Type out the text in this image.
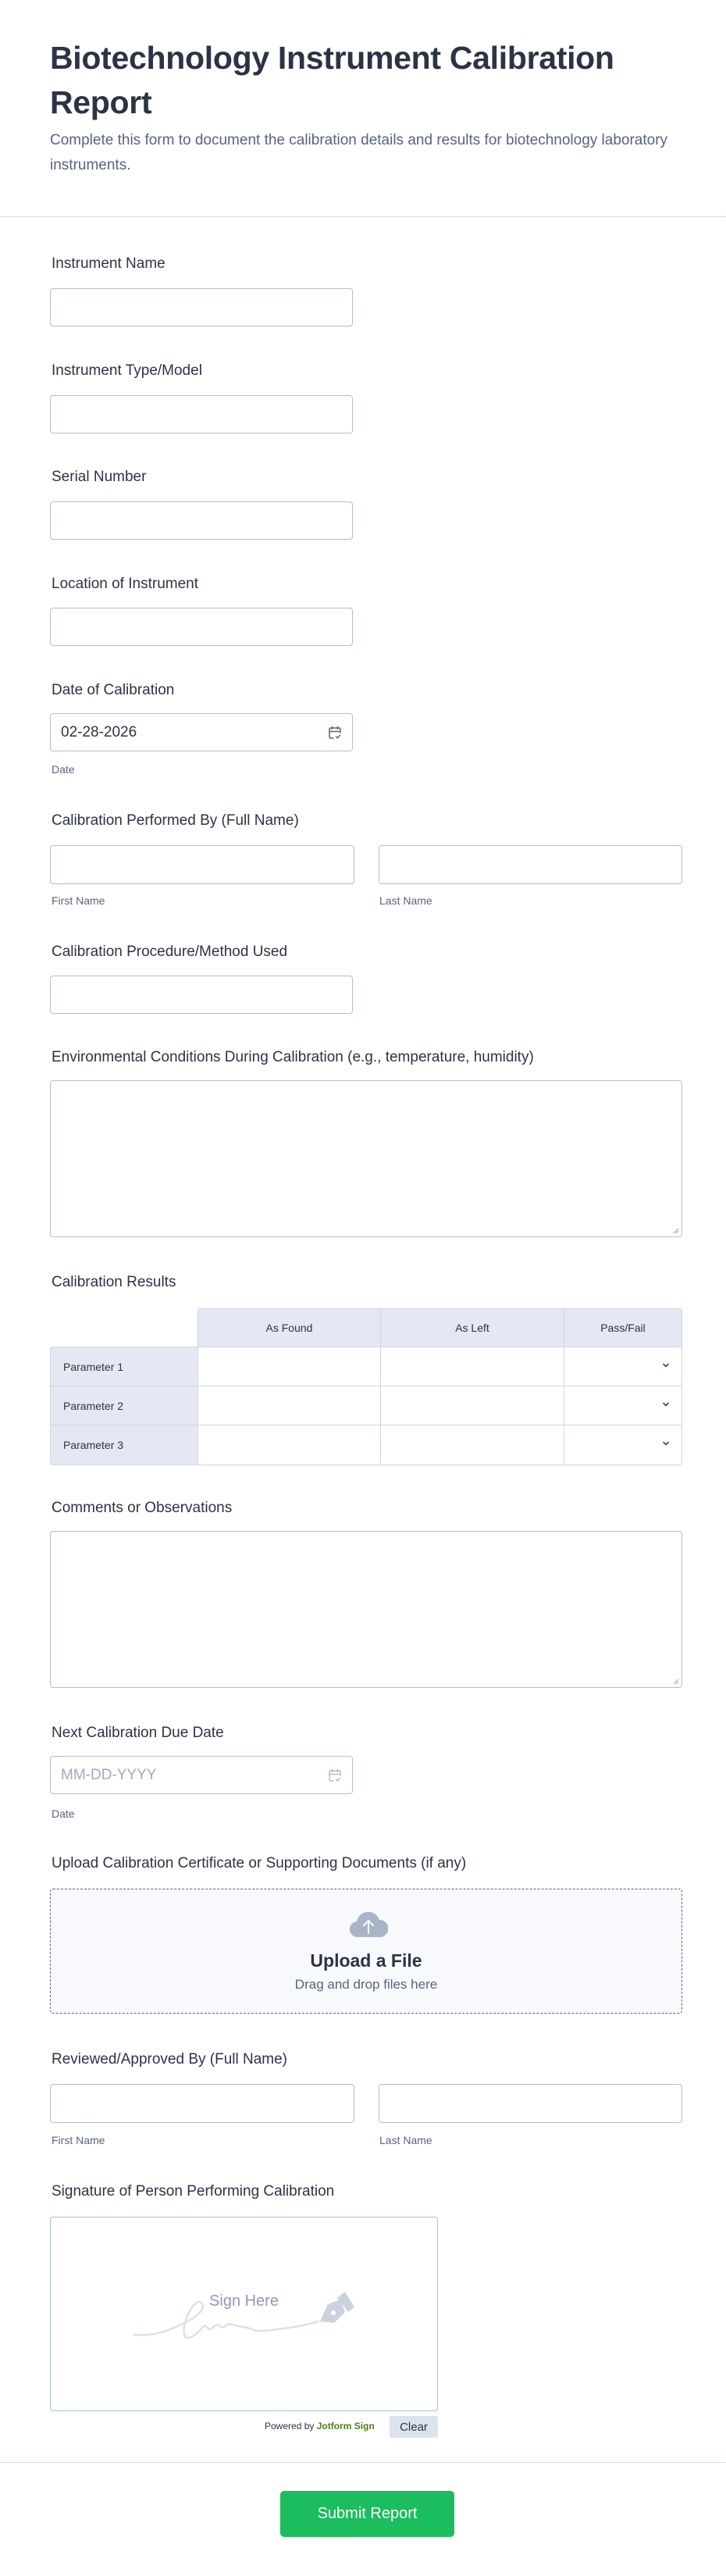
Biotechnology Instrument Calibration Report
Complete this form to document the calibration details and results for biotechnology laboratory instruments.
Instrument Name
Instrument Type/Model
Serial Number
Location of Instrument
Date of Calibration
02-28-2026
Date
Calibration Performed By (Full Name)
First Name	Last Name
Calibration Procedure/Method Used
Environmental Conditions During Calibration (e.g., temperature, humidity)
Calibration Results
As Found	As Left	Pass/Fail
Parameter 1
Parameter 2
Parameter 3
Comments or Observations
Next Calibration Due Date
MM-DD-YYYY
Date
Upload Calibration Certificate or Supporting Documents (if any)
Upload a File
Drag and drop files here
Reviewed/Approved By (Full Name)
First Name	Last Name
Signature of Person Performing Calibration
Sign Here
Powered by Jotform Sign	Clear
Submit Report
